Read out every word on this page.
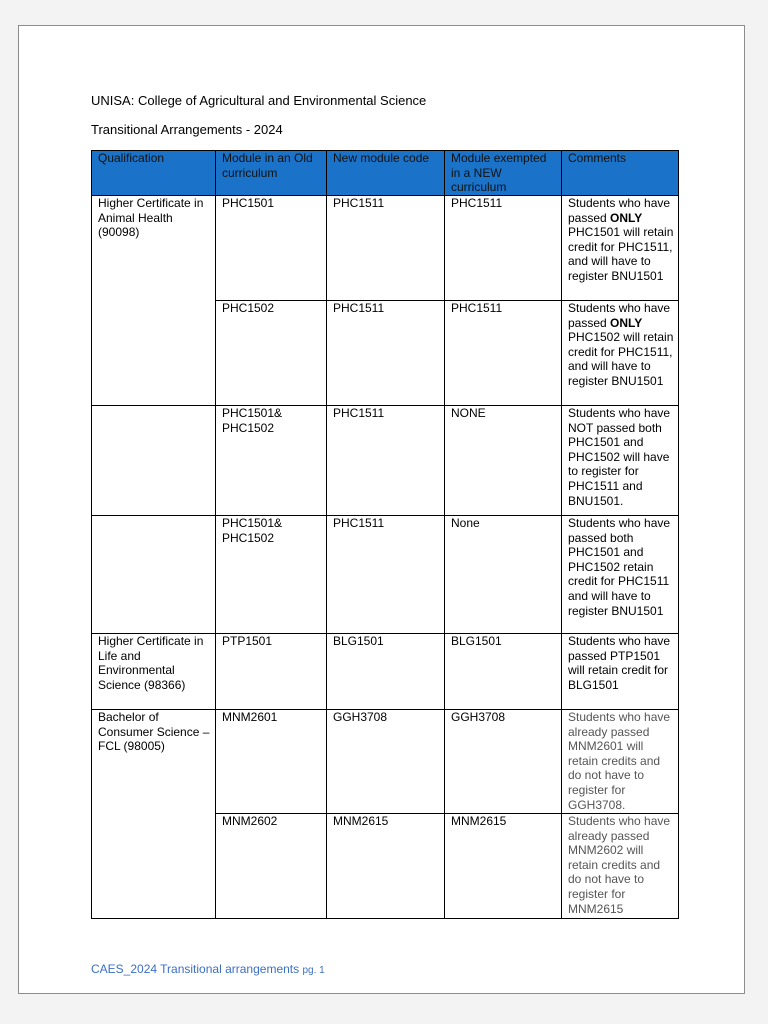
UNISA: College of Agricultural and Environmental Science

Transitional Arrangements - 2024

Qualification	Module in an Old curriculum	New module code	Module exempted in a NEW curriculum	Comments
Higher Certificate in Animal Health (90098)	PHC1501	PHC1511	PHC1511	Students who have passed ONLY PHC1501 will retain credit for PHC1511, and will have to register BNU1501
	PHC1502	PHC1511	PHC1511	Students who have passed ONLY PHC1502 will retain credit for PHC1511, and will have to register BNU1501
	PHC1501& PHC1502	PHC1511	NONE	Students who have NOT passed both PHC1501 and PHC1502 will have to register for PHC1511 and BNU1501.
	PHC1501& PHC1502	PHC1511	None	Students who have passed both PHC1501 and PHC1502 retain credit for PHC1511 and will have to register BNU1501
Higher Certificate in Life and Environmental Science (98366)	PTP1501	BLG1501	BLG1501	Students who have passed PTP1501 will retain credit for BLG1501
Bachelor of Consumer Science – FCL (98005)	MNM2601	GGH3708	GGH3708	Students who have already passed MNM2601 will retain credits and do not have to register for GGH3708.
	MNM2602	MNM2615	MNM2615	Students who have already passed MNM2602 will retain credits and do not have to register for MNM2615
CAES_2024 Transitional arrangements pg. 1
